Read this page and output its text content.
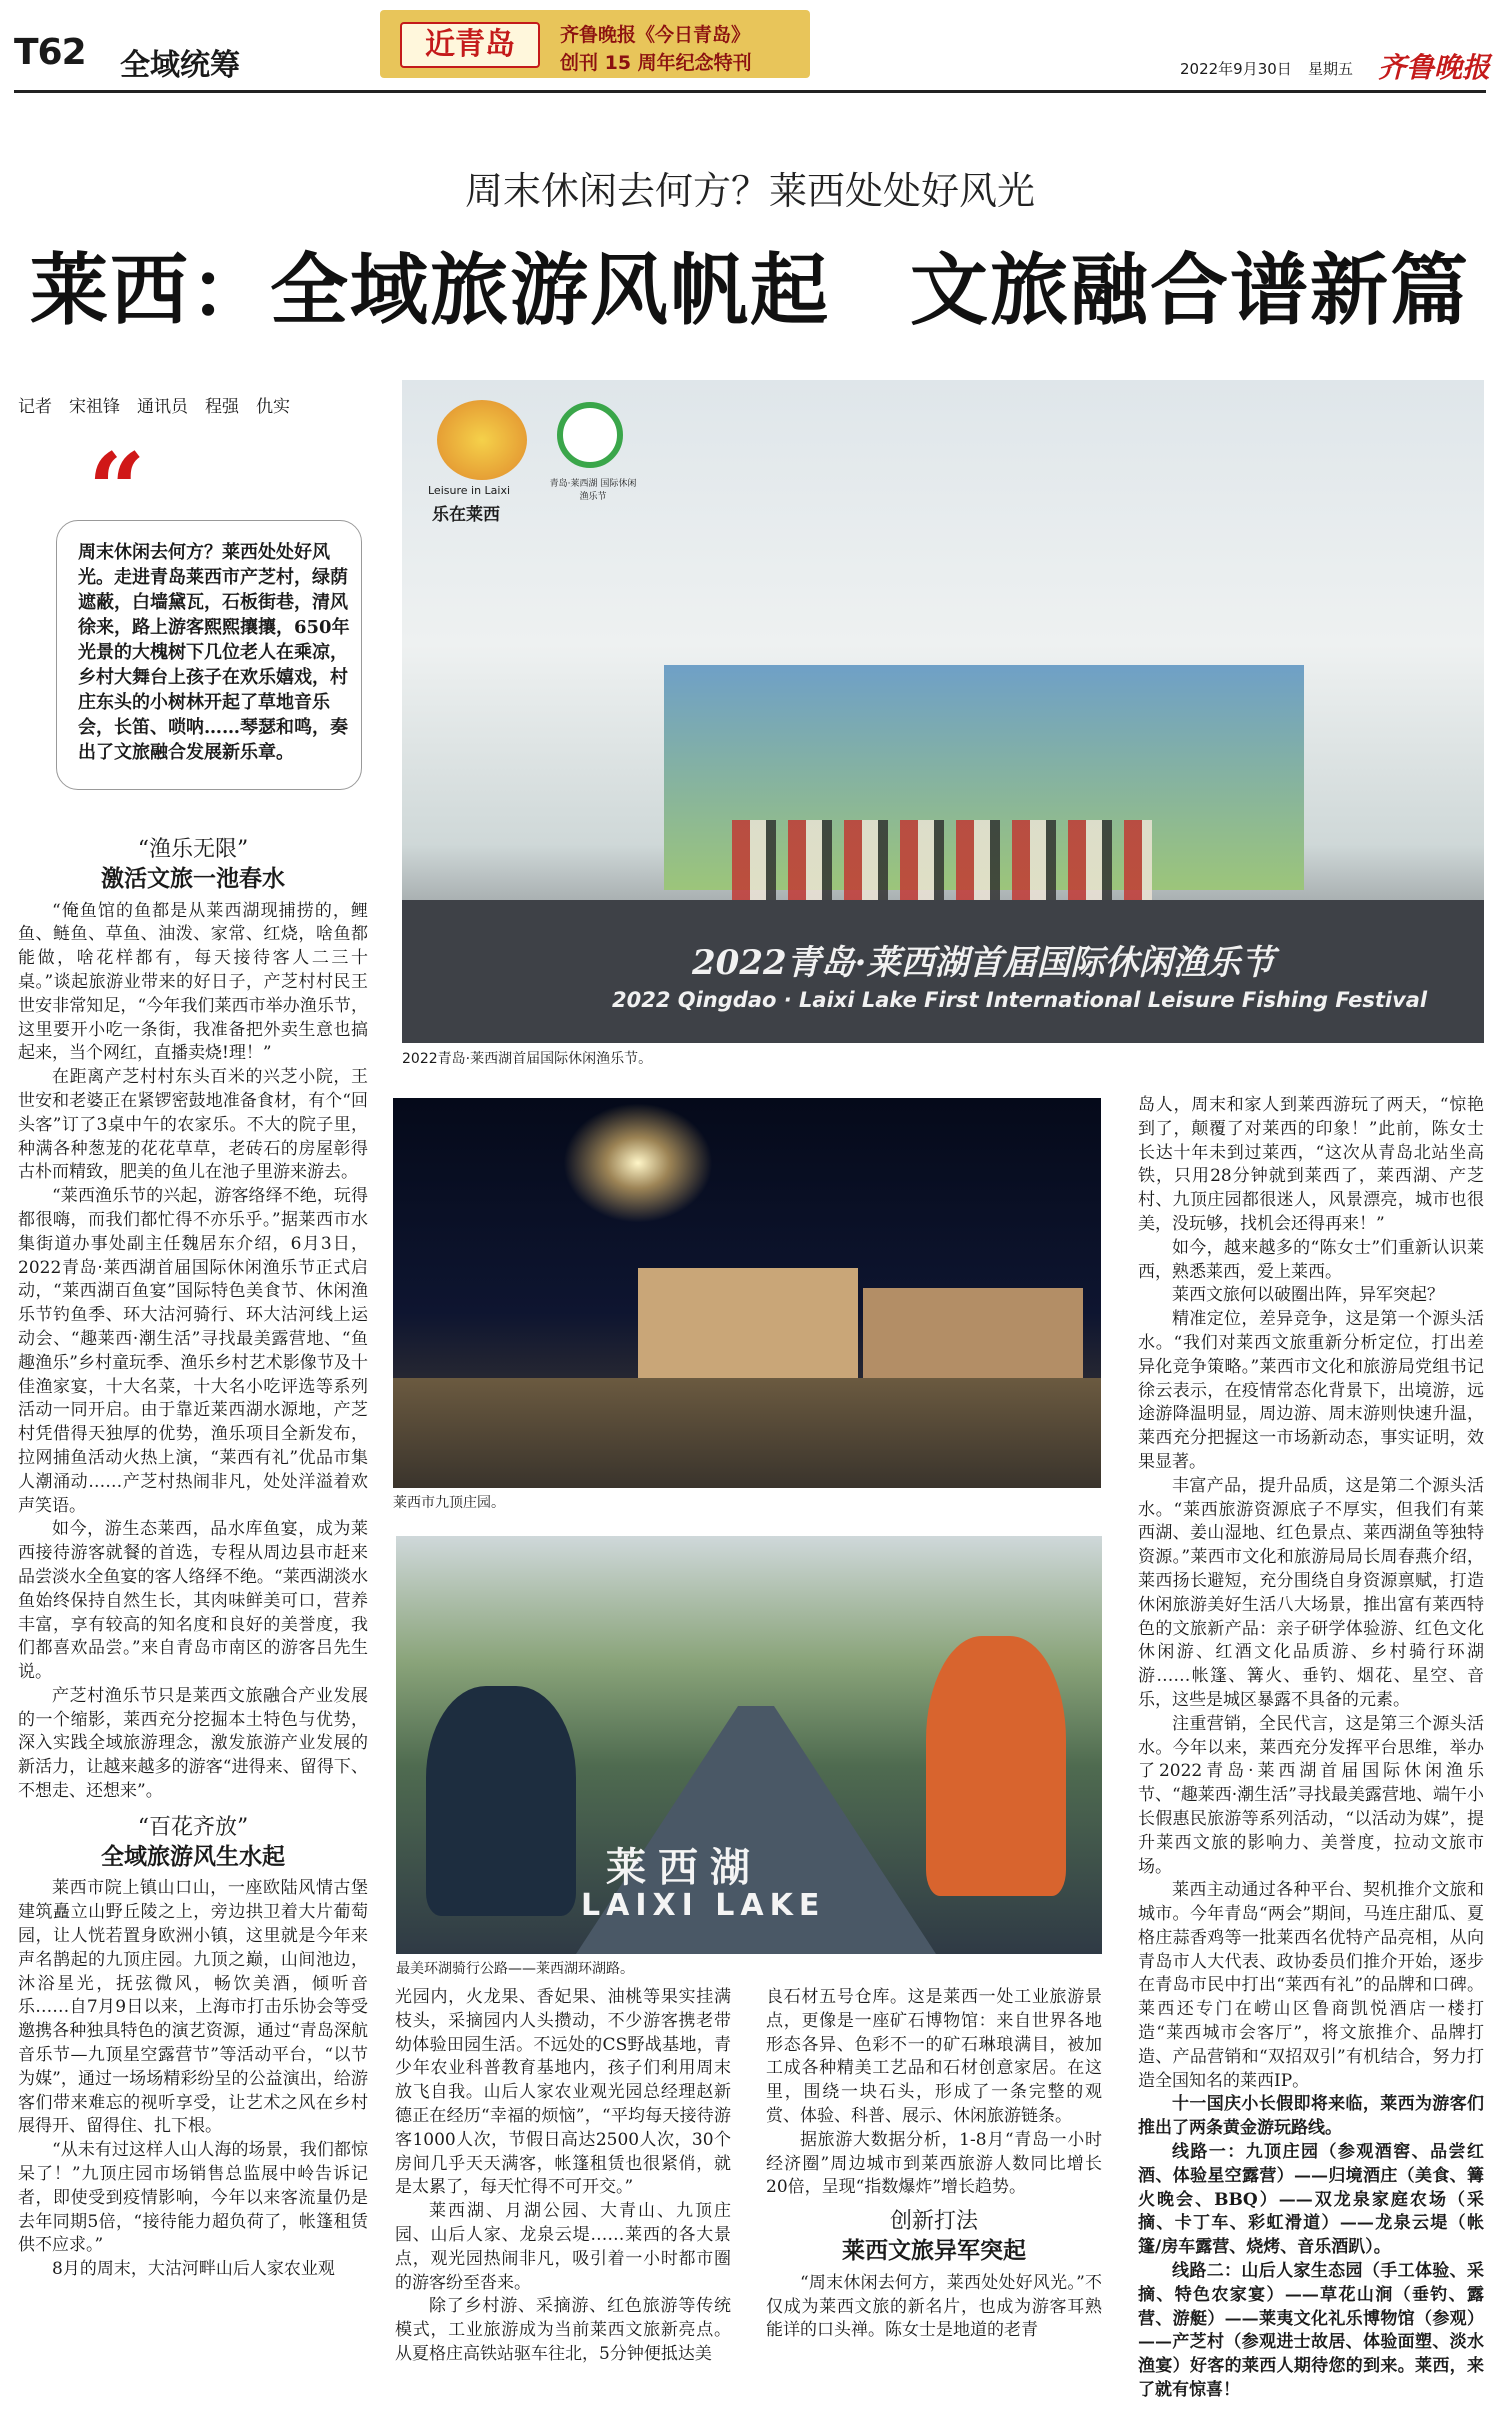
T62 全域统筹
近青岛	齐鲁晚报《今日青岛》
创刊 15 周年纪念特刊	2022年9月30日 星期五 齐鲁晚报
周末休闲去何方？莱西处处好风光
莱西：全域旅游风帆起　文旅融合谱新篇
记者　宋祖锋　通讯员　程强　仇实
“
周末休闲去何方？莱西处处好风光。走进青岛莱西市产芝村，绿荫遮蔽，白墙黛瓦，石板街巷，清风徐来，路上游客熙熙攘攘，650年光景的大槐树下几位老人在乘凉，乡村大舞台上孩子在欢乐嬉戏，村庄东头的小树林开起了草地音乐会，长笛、唢呐……琴瑟和鸣，奏出了文旅融合发展新乐章。
“渔乐无限”
激活文旅一池春水

“俺鱼馆的鱼都是从莱西湖现捕捞的，鲤鱼、鲢鱼、草鱼、油泼、家常、红烧，啥鱼都能做，啥花样都有，每天接待客人二三十桌。”谈起旅游业带来的好日子，产芝村村民王世安非常知足，“今年我们莱西市举办渔乐节，这里要开小吃一条街，我准备把外卖生意也搞起来，当个网红，直播卖烧!理！”

在距离产芝村村东头百米的兴芝小院，王世安和老婆正在紧锣密鼓地准备食材，有个“回头客”订了3桌中午的农家乐。不大的院子里，种满各种葱茏的花花草草，老砖石的房屋彰得古朴而精致，肥美的鱼儿在池子里游来游去。

“莱西渔乐节的兴起，游客络绎不绝，玩得都很嗨，而我们都忙得不亦乐乎。”据莱西市水集街道办事处副主任魏居东介绍，6月3日，2022青岛·莱西湖首届国际休闲渔乐节正式启动，“莱西湖百鱼宴”国际特色美食节、休闲渔乐节钓鱼季、环大沽河骑行、环大沽河线上运动会、“趣莱西·潮生活”寻找最美露营地、“鱼趣渔乐”乡村童玩季、渔乐乡村艺术影像节及十佳渔家宴，十大名菜，十大名小吃评选等系列活动一同开启。由于靠近莱西湖水源地，产芝村凭借得天独厚的优势，渔乐项目全新发布，拉网捕鱼活动火热上演，“莱西有礼”优品市集人潮涌动……产芝村热闹非凡，处处洋溢着欢声笑语。

如今，游生态莱西，品水库鱼宴，成为莱西接待游客就餐的首选，专程从周边县市赶来品尝淡水全鱼宴的客人络绎不绝。“莱西湖淡水鱼始终保持自然生长，其肉味鲜美可口，营养丰富，享有较高的知名度和良好的美誉度，我们都喜欢品尝。”来自青岛市南区的游客吕先生说。

产芝村渔乐节只是莱西文旅融合产业发展的一个缩影，莱西充分挖掘本土特色与优势，深入实践全域旅游理念，激发旅游产业发展的新活力，让越来越多的游客“进得来、留得下、不想走、还想来”。

“百花齐放”
全域旅游风生水起

莱西市院上镇山口山，一座欧陆风情古堡建筑矗立山野丘陵之上，旁边拱卫着大片葡萄园，让人恍若置身欧洲小镇，这里就是今年来声名鹊起的九顶庄园。九顶之巅，山间池边，沐浴星光，抚弦微风，畅饮美酒，倾听音乐……自7月9日以来，上海市打击乐协会等受邀携各种独具特色的演艺资源，通过“青岛深航音乐节—九顶星空露营节”等活动平台，“以节为媒”，通过一场场精彩纷呈的公益演出，给游客们带来难忘的视听享受，让艺术之风在乡村展得开、留得住、扎下根。

“从未有过这样人山人海的场景，我们都惊呆了！”九顶庄园市场销售总监展中岭告诉记者，即使受到疫情影响，今年以来客流量仍是去年同期5倍，“接待能力超负荷了，帐篷租赁供不应求。”

8月的周末，大沽河畔山后人家农业观

Leisure in Laixi
乐在莱西
青岛·莱西湖 国际休闲渔乐节
2022青岛·莱西湖首届国际休闲渔乐节
2022 Qingdao · Laixi Lake First International Leisure Fishing Festival
2022青岛·莱西湖首届国际休闲渔乐节。
莱西市九顶庄园。
莱西湖
LAIXI LAKE
最美环湖骑行公路——莱西湖环湖路。

光园内，火龙果、香妃果、油桃等果实挂满枝头，采摘园内人头攒动，不少游客携老带幼体验田园生活。不远处的CS野战基地，青少年农业科普教育基地内，孩子们利用周末放飞自我。山后人家农业观光园总经理赵新德正在经历“幸福的烦恼”，“平均每天接待游客1000人次，节假日高达2500人次，30个房间几乎天天满客，帐篷租赁也很紧俏，就是太累了，每天忙得不可开交。”

莱西湖、月湖公园、大青山、九顶庄园、山后人家、龙泉云堤……莱西的各大景点，观光园热闹非凡，吸引着一小时都市圈的游客纷至沓来。

除了乡村游、采摘游、红色旅游等传统模式，工业旅游成为当前莱西文旅新亮点。从夏格庄高铁站驱车往北，5分钟便抵达美

良石材五号仓库。这是莱西一处工业旅游景点，更像是一座矿石博物馆：来自世界各地形态各异、色彩不一的矿石琳琅满目，被加工成各种精美工艺品和石材创意家居。在这里，围绕一块石头，形成了一条完整的观赏、体验、科普、展示、休闲旅游链条。

据旅游大数据分析，1-8月“青岛一小时经济圈”周边城市到莱西旅游人数同比增长20倍，呈现“指数爆炸”增长趋势。

创新打法
莱西文旅异军突起

“周末休闲去何方，莱西处处好风光。”不仅成为莱西文旅的新名片，也成为游客耳熟能详的口头禅。陈女士是地道的老青

岛人，周末和家人到莱西游玩了两天，“惊艳到了，颠覆了对莱西的印象！”此前，陈女士长达十年未到过莱西，“这次从青岛北站坐高铁，只用28分钟就到莱西了，莱西湖、产芝村、九顶庄园都很迷人，风景漂亮，城市也很美，没玩够，找机会还得再来！”

如今，越来越多的“陈女士”们重新认识莱西，熟悉莱西，爱上莱西。

莱西文旅何以破圈出阵，异军突起？

精准定位，差异竞争，这是第一个源头活水。“我们对莱西文旅重新分析定位，打出差异化竞争策略。”莱西市文化和旅游局党组书记徐云表示，在疫情常态化背景下，出境游，远途游降温明显，周边游、周末游则快速升温，莱西充分把握这一市场新动态，事实证明，效果显著。

丰富产品，提升品质，这是第二个源头活水。“莱西旅游资源底子不厚实，但我们有莱西湖、姜山湿地、红色景点、莱西湖鱼等独特资源。”莱西市文化和旅游局局长周春燕介绍，莱西扬长避短，充分围绕自身资源禀赋，打造休闲旅游美好生活八大场景，推出富有莱西特色的文旅新产品：亲子研学体验游、红色文化休闲游、红酒文化品质游、乡村骑行环湖游……帐篷、篝火、垂钓、烟花、星空、音乐，这些是城区暴露不具备的元素。

注重营销，全民代言，这是第三个源头活水。今年以来，莱西充分发挥平台思维，举办了2022青岛·莱西湖首届国际休闲渔乐节、“趣莱西·潮生活”寻找最美露营地、端午小长假惠民旅游等系列活动，“以活动为媒”，提升莱西文旅的影响力、美誉度，拉动文旅市场。

莱西主动通过各种平台、契机推介文旅和城市。今年青岛“两会”期间，马连庄甜瓜、夏格庄蒜香鸡等一批莱西名优特产品亮相，从向青岛市人大代表、政协委员们推介开始，逐步在青岛市民中打出“莱西有礼”的品牌和口碑。莱西还专门在崂山区鲁商凯悦酒店一楼打造“莱西城市会客厅”，将文旅推介、品牌打造、产品营销和“双招双引”有机结合，努力打造全国知名的莱西IP。

十一国庆小长假即将来临，莱西为游客们推出了两条黄金游玩路线。

线路一：九顶庄园（参观酒窖、品尝红酒、体验星空露营）——归境酒庄（美食、篝火晚会、BBQ）——双龙泉家庭农场（采摘、卡丁车、彩虹滑道）——龙泉云堤（帐篷/房车露营、烧烤、音乐酒趴）。

线路二：山后人家生态园（手工体验、采摘、特色农家宴）——草花山涧（垂钓、露营、游艇）——莱夷文化礼乐博物馆（参观）——产芝村（参观进士故居、体验面塑、淡水渔宴）好客的莱西人期待您的到来。莱西，来了就有惊喜！
